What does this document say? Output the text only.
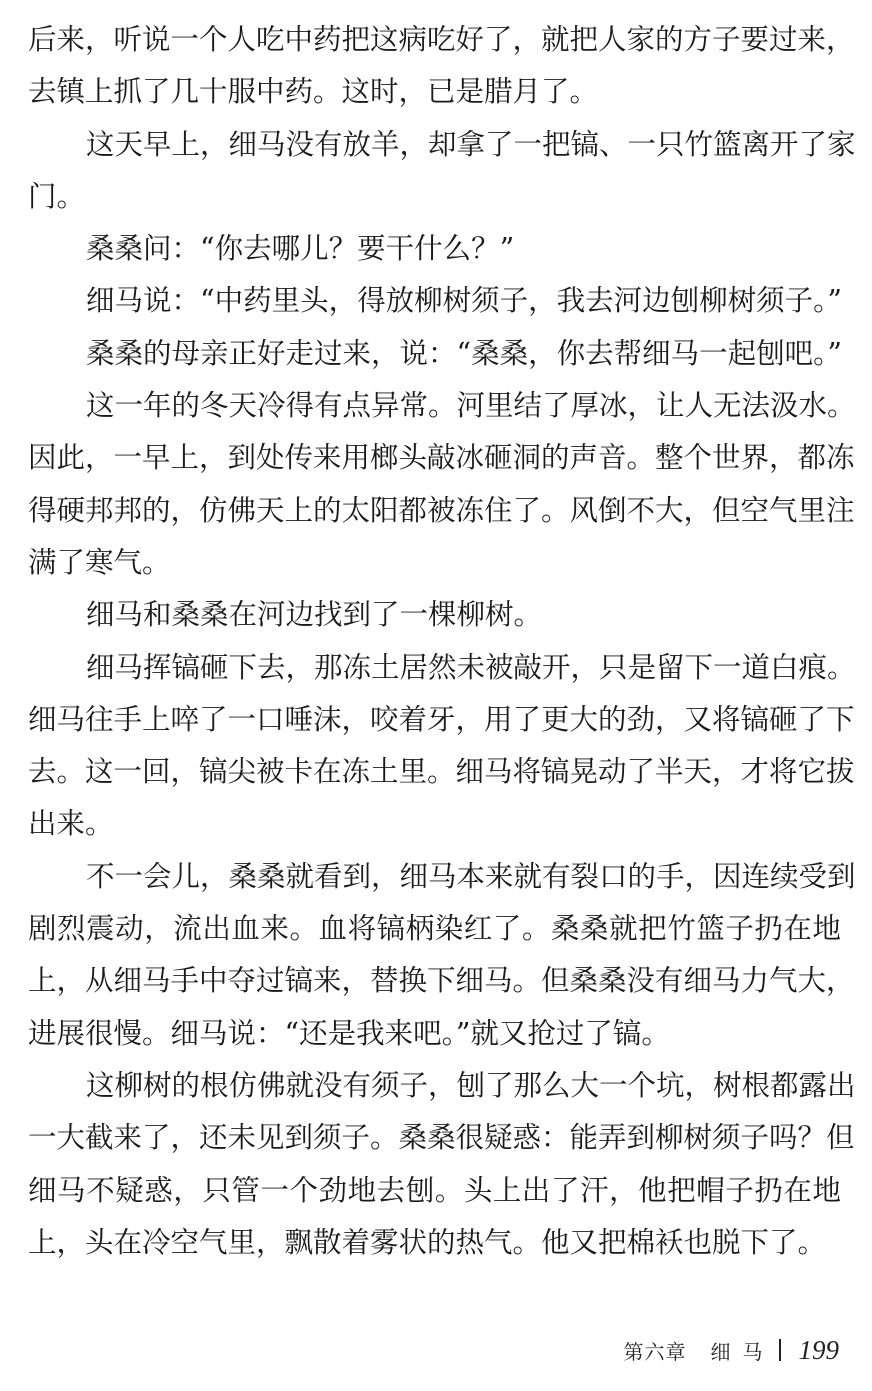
后来，听说一个人吃中药把这病吃好了，就把人家的方子要过来，
去镇上抓了几十服中药。这时，已是腊月了。
这天早上，细马没有放羊，却拿了一把镐、一只竹篮离开了家
门。
桑桑问：“你去哪儿？要干什么？”
细马说：“中药里头，得放柳树须子，我去河边刨柳树须子。”
桑桑的母亲正好走过来，说：“桑桑，你去帮细马一起刨吧。”
这一年的冬天冷得有点异常。河里结了厚冰，让人无法汲水。
因此，一早上，到处传来用榔头敲冰砸洞的声音。整个世界，都冻
得硬邦邦的，仿佛天上的太阳都被冻住了。风倒不大，但空气里注
满了寒气。
细马和桑桑在河边找到了一棵柳树。
细马挥镐砸下去，那冻土居然未被敲开，只是留下一道白痕。
细马往手上啐了一口唾沫，咬着牙，用了更大的劲，又将镐砸了下
去。这一回，镐尖被卡在冻土里。细马将镐晃动了半天，才将它拔
出来。
不一会儿，桑桑就看到，细马本来就有裂口的手，因连续受到
剧烈震动，流出血来。血将镐柄染红了。桑桑就把竹篮子扔在地
上，从细马手中夺过镐来，替换下细马。但桑桑没有细马力气大，
进展很慢。细马说：“还是我来吧。”就又抢过了镐。
这柳树的根仿佛就没有须子，刨了那么大一个坑，树根都露出
一大截来了，还未见到须子。桑桑很疑惑：能弄到柳树须子吗？但
细马不疑惑，只管一个劲地去刨。头上出了汗，他把帽子扔在地
上，头在冷空气里，飘散着雾状的热气。他又把棉袄也脱下了。
第六章 细马 199
